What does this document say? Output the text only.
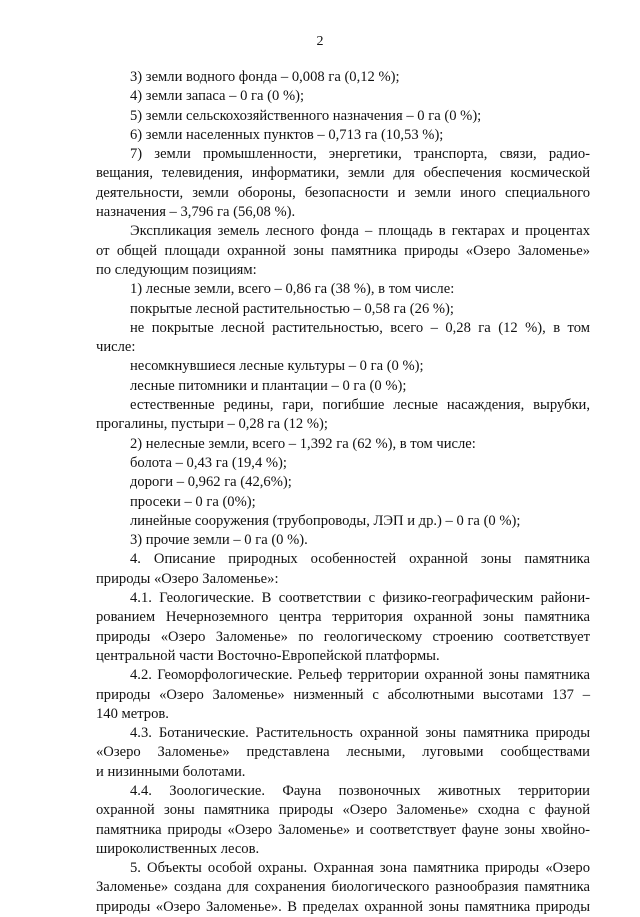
2

3) земли водного фонда – 0,008 га (0,12 %);

4) земли запаса – 0 га (0 %);

5) земли сельскохозяйственного назначения – 0 га (0 %);

6) земли населенных пунктов – 0,713 га (10,53 %);

7) земли промышленности, энергетики, транспорта, связи, радио-

вещания, телевидения, информатики, земли для обеспечения космической

деятельности, земли обороны, безопасности и земли иного специального

назначения – 3,796 га (56,08 %).

Экспликация земель лесного фонда – площадь в гектарах и процентах

от общей площади охранной зоны памятника природы «Озеро Заломенье»

по следующим позициям:

1) лесные земли, всего – 0,86 га (38 %), в том числе:

покрытые лесной растительностью – 0,58 га (26 %);

не покрытые лесной растительностью, всего – 0,28 га (12 %), в том

числе:

несомкнувшиеся лесные культуры – 0 га (0 %);

лесные питомники и плантации – 0 га (0 %);

естественные редины, гари, погибшие лесные насаждения, вырубки,

прогалины, пустыри – 0,28 га (12 %);

2) нелесные земли, всего – 1,392 га (62 %), в том числе:

болота – 0,43 га (19,4 %);

дороги – 0,962 га (42,6%);

просеки – 0 га (0%);

линейные сооружения (трубопроводы, ЛЭП и др.) – 0 га (0 %);

3) прочие земли – 0 га (0 %).

4. Описание природных особенностей охранной зоны памятника

природы «Озеро Заломенье»:

4.1. Геологические. В соответствии с физико-географическим райони-

рованием Нечерноземного центра территория охранной зоны памятника

природы «Озеро Заломенье» по геологическому строению соответствует

центральной части Восточно-Европейской платформы.

4.2. Геоморфологические. Рельеф территории охранной зоны памятника

природы «Озеро Заломенье» низменный с абсолютными высотами 137 –

140 метров.

4.3. Ботанические. Растительность охранной зоны памятника природы

«Озеро Заломенье» представлена лесными, луговыми сообществами

и низинными болотами.

4.4. Зоологические. Фауна позвоночных животных территории

охранной зоны памятника природы «Озеро Заломенье» сходна с фауной

памятника природы «Озеро Заломенье» и соответствует фауне зоны хвойно-

широколиственных лесов.

5. Объекты особой охраны. Охранная зона памятника природы «Озеро

Заломенье» создана для сохранения биологического разнообразия памятника

природы «Озеро Заломенье». В пределах охранной зоны памятника природы
